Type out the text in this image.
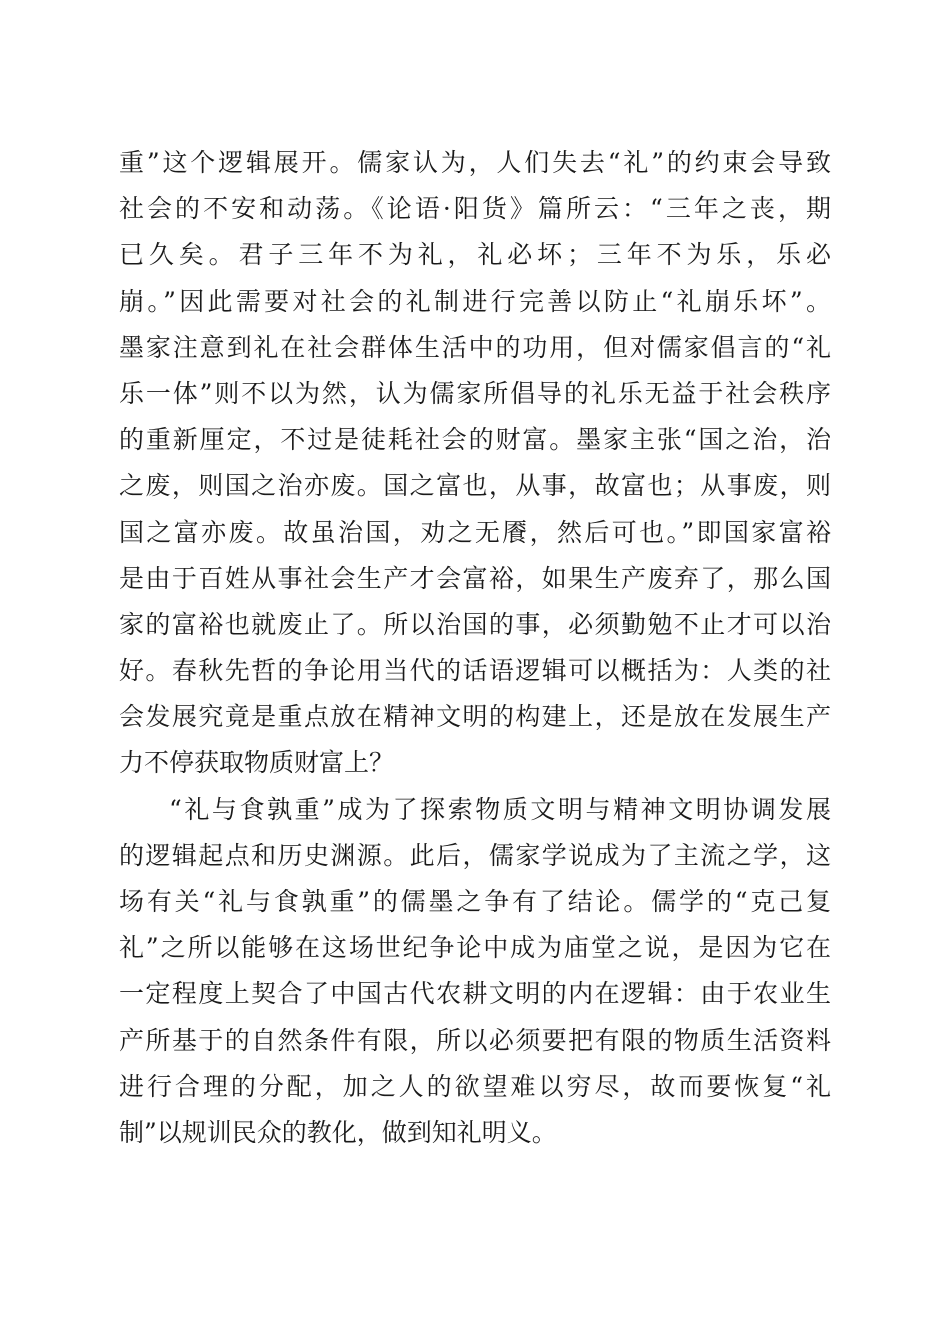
重”这个逻辑展开。儒家认为，人们失去“礼”的约束会导致
社会的不安和动荡。《论语·阳货》篇所云：“三年之丧，期
已久矣。君子三年不为礼，礼必坏；三年不为乐，乐必
崩。”因此需要对社会的礼制进行完善以防止“礼崩乐坏”。
墨家注意到礼在社会群体生活中的功用，但对儒家倡言的“礼
乐一体”则不以为然，认为儒家所倡导的礼乐无益于社会秩序
的重新厘定，不过是徒耗社会的财富。墨家主张“国之治，治
之废，则国之治亦废。国之富也，从事，故富也；从事废，则
国之富亦废。故虽治国，劝之无餍，然后可也。”即国家富裕
是由于百姓从事社会生产才会富裕，如果生产废弃了，那么国
家的富裕也就废止了。所以治国的事，必须勤勉不止才可以治
好。春秋先哲的争论用当代的话语逻辑可以概括为：人类的社
会发展究竟是重点放在精神文明的构建上，还是放在发展生产
力不停获取物质财富上？
“礼与食孰重”成为了探索物质文明与精神文明协调发展
的逻辑起点和历史渊源。此后，儒家学说成为了主流之学，这
场有关“礼与食孰重”的儒墨之争有了结论。儒学的“克己复
礼”之所以能够在这场世纪争论中成为庙堂之说，是因为它在
一定程度上契合了中国古代农耕文明的内在逻辑：由于农业生
产所基于的自然条件有限，所以必须要把有限的物质生活资料
进行合理的分配，加之人的欲望难以穷尽，故而要恢复“礼
制”以规训民众的教化，做到知礼明义。
